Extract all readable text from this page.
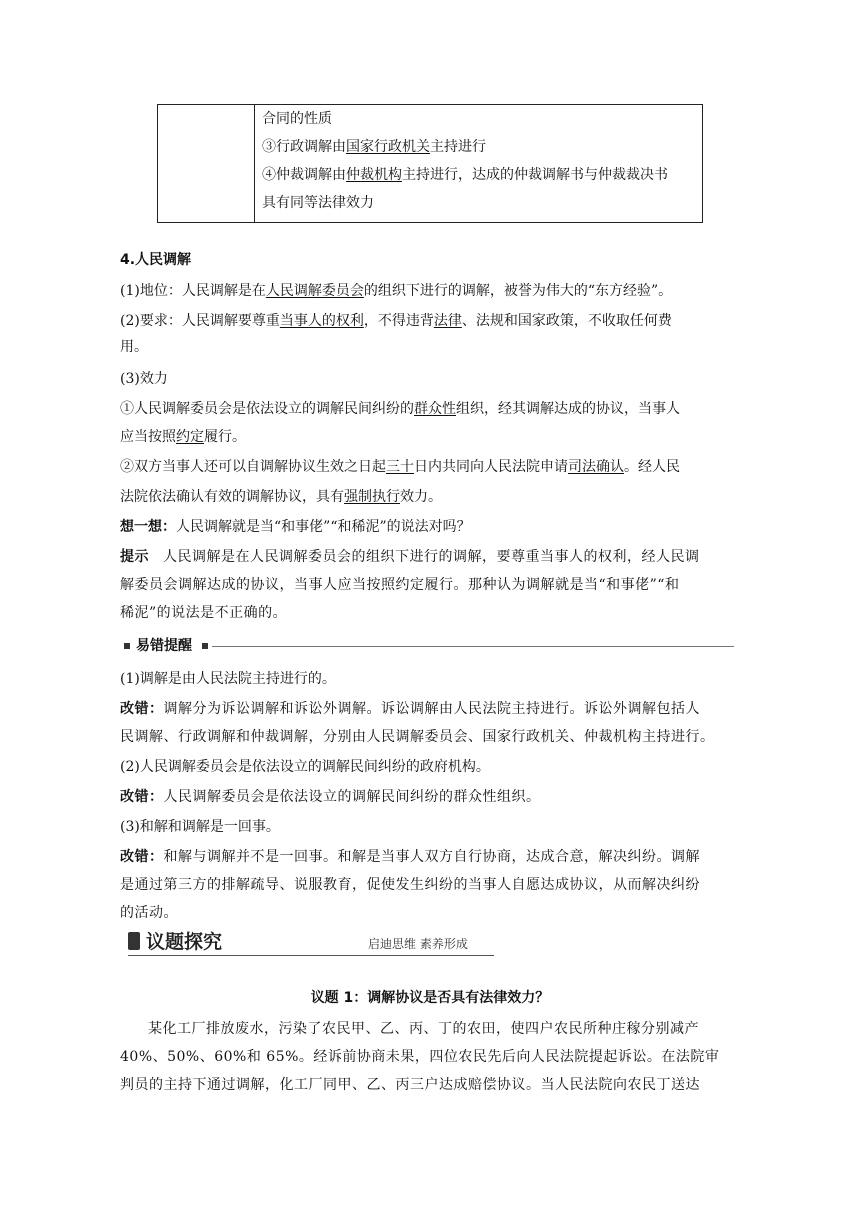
合同的性质
③行政调解由国家行政机关主持进行
④仲裁调解由仲裁机构主持进行，达成的仲裁调解书与仲裁裁决书
具有同等法律效力
4.人民调解
(1)地位：人民调解是在人民调解委员会的组织下进行的调解，被誉为伟大的“东方经验”。
(2)要求：人民调解要尊重当事人的权利，不得违背法律、法规和国家政策，不收取任何费
用。
(3)效力
①人民调解委员会是依法设立的调解民间纠纷的群众性组织，经其调解达成的协议，当事人
应当按照约定履行。
②双方当事人还可以自调解协议生效之日起三十日内共同向人民法院申请司法确认。经人民
法院依法确认有效的调解协议，具有强制执行效力。
想一想：人民调解就是当“和事佬”“和稀泥”的说法对吗？
提示 人民调解是在人民调解委员会的组织下进行的调解，要尊重当事人的权利，经人民调
解委员会调解达成的协议，当事人应当按照约定履行。那种认为调解就是当“和事佬”“和
稀泥”的说法是不正确的。
易错提醒
(1)调解是由人民法院主持进行的。
改错：调解分为诉讼调解和诉讼外调解。诉讼调解由人民法院主持进行。诉讼外调解包括人
民调解、行政调解和仲裁调解，分别由人民调解委员会、国家行政机关、仲裁机构主持进行。
(2)人民调解委员会是依法设立的调解民间纠纷的政府机构。
改错：人民调解委员会是依法设立的调解民间纠纷的群众性组织。
(3)和解和调解是一回事。
改错：和解与调解并不是一回事。和解是当事人双方自行协商，达成合意，解决纠纷。调解
是通过第三方的排解疏导、说服教育，促使发生纠纷的当事人自愿达成协议，从而解决纠纷
的活动。
议题探究	启迪思维 素养形成
议题 1：调解协议是否具有法律效力？
某化工厂排放废水，污染了农民甲、乙、丙、丁的农田，使四户农民所种庄稼分别减产
40%、50%、60%和 65%。经诉前协商未果，四位农民先后向人民法院提起诉讼。在法院审
判员的主持下通过调解，化工厂同甲、乙、丙三户达成赔偿协议。当人民法院向农民丁送达
